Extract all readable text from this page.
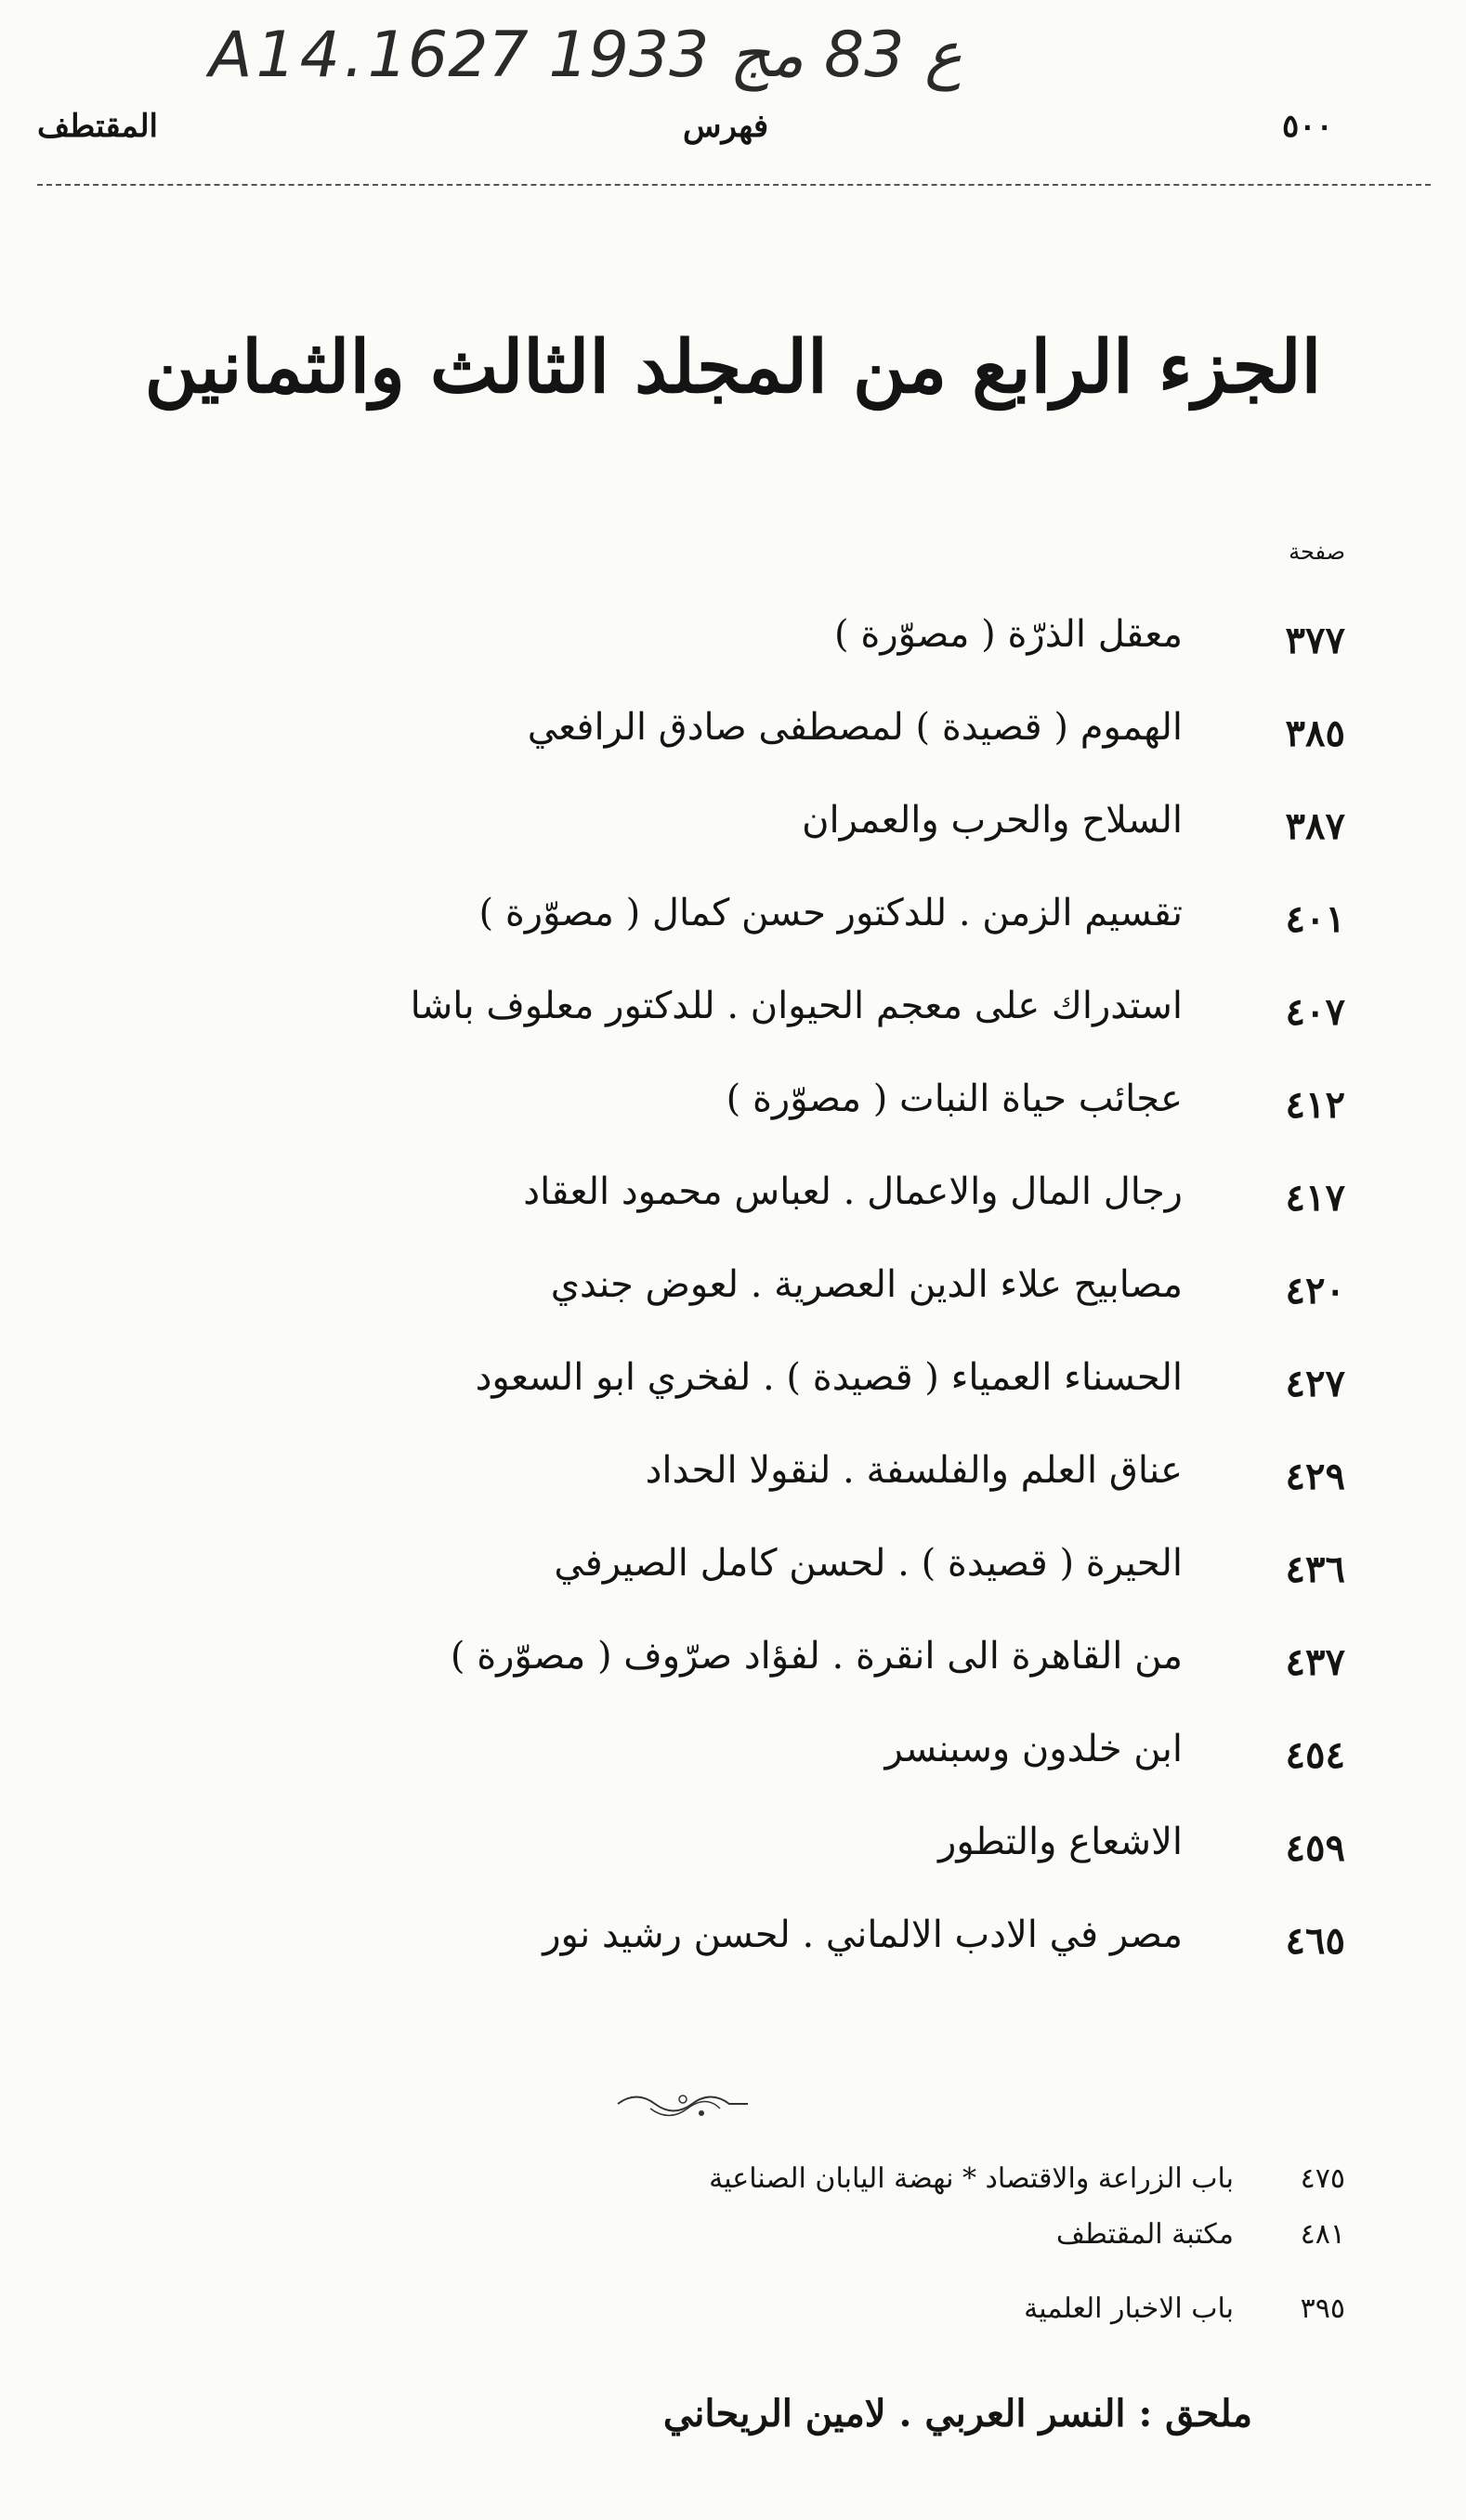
A14.ع 83 مج 1933 1627
المقتطف	فهرس	٥٠٠
الجزء الرابع من المجلد الثالث والثمانين
صفحة
٣٧٧
معقل الذرّة ( مصوّرة )
٣٨٥
الهموم ( قصيدة ) لمصطفى صادق الرافعي
٣٨٧
السلاح والحرب والعمران
٤٠١
تقسيم الزمن . للدكتور حسن كمال ( مصوّرة )
٤٠٧
استدراك على معجم الحيوان . للدكتور معلوف باشا
٤١٢
عجائب حياة النبات ( مصوّرة )
٤١٧
رجال المال والاعمال . لعباس محمود العقاد
٤٢٠
مصابيح علاء الدين العصرية . لعوض جندي
٤٢٧
الحسناء العمياء ( قصيدة ) . لفخري ابو السعود
٤٢٩
عناق العلم والفلسفة . لنقولا الحداد
٤٣٦
الحيرة ( قصيدة ) . لحسن كامل الصيرفي
٤٣٧
من القاهرة الى انقرة . لفؤاد صرّوف ( مصوّرة )
٤٥٤
ابن خلدون وسبنسر
٤٥٩
الاشعاع والتطور
٤٦٥
مصر في الادب الالماني . لحسن رشيد نور
٤٧٥
باب الزراعة والاقتصاد * نهضة اليابان الصناعية
٤٨١
مكتبة المقتطف
٣٩٥
باب الاخبار العلمية
ملحق : النسر العربي . لامين الريحاني
